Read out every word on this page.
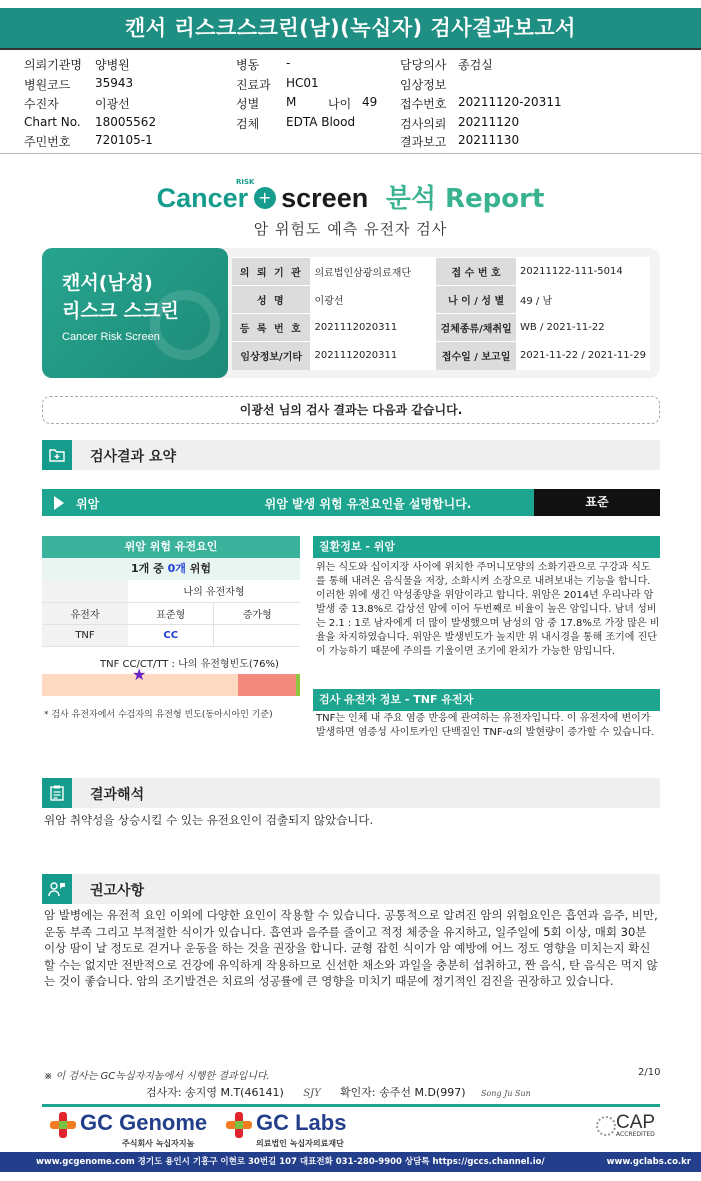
캔서 리스크스크린(남)(녹십자) 검사결과보고서
의뢰기관명 양병원
병원코드 35943
수진자	이광선
Chart No. 18005562
주민번호 720105-1
병동 -
진료과 HC01
성별 M	나이 49
검체 EDTA Blood
담당의사 종검실
임상정보
접수번호 20211120-20311
검사의뢰 20211120
결과보고 20211130
Cancer + screen 분석 Report
RISK
암 위험도 예측 유전자 검사
캔서(남성)
리스크 스크린
Cancer Risk Screen
의 뢰 기 관	의료법인삼광의료재단	접 수 번 호	20211122-111-5014
성 명	이광선	나 이 / 성 별	49 / 남
등 록 번 호	2021112020311	검체종류/채취일	WB / 2021-11-22
임상정보/기타	2021112020311	접수일 / 보고일	2021-11-22 / 2021-11-29
이광선 님의 검사 결과는 다음과 같습니다.
검사결과 요약
위암	위암 발생 위험 유전요인을 설명합니다.	표준
위암 위험 유전요인
1개 중 0개 위험
	나의 유전자형	
유전자	표준형	증가형
TNF	CC	
TNF CC/CT/TT : 나의 유전형빈도(76%)
★
* 검사 유전자에서 수검자의 유전형 빈도(동아시아인 기준)
질환정보 - 위암
위는 식도와 십이지장 사이에 위치한 주머니모양의 소화기관으로 구강과 식도를 통해 내려온 음식물을 저장, 소화시켜 소장으로 내려보내는 기능을 합니다. 이러한 위에 생긴 악성종양을 위암이라고 합니다. 위암은 2014년 우리나라 암 발생 중 13.8%로 갑상선 암에 이어 두번째로 비율이 높은 암입니다. 남녀 성비는 2.1 : 1로 남자에게 더 많이 발생했으며 남성의 암 중 17.8%로 가장 많은 비율을 차지하였습니다. 위암은 발생빈도가 높지만 위 내시경을 통해 조기에 진단이 가능하기 때문에 주의를 기울이면 조기에 완치가 가능한 암입니다.
검사 유전자 정보 - TNF 유전자
TNF는 인체 내 주요 염증 반응에 관여하는 유전자입니다. 이 유전자에 변이가 발생하면 염증성 사이토카인 단백질인 TNF-α의 발현량이 증가할 수 있습니다.
결과해석
위암 취약성을 상승시킬 수 있는 유전요인이 검출되지 않았습니다.
권고사항
암 발병에는 유전적 요인 이외에 다양한 요인이 작용할 수 있습니다. 공통적으로 알려진 암의 위험요인은 흡연과 음주, 비만, 운동 부족 그리고 부적절한 식이가 있습니다. 흡연과 음주를 줄이고 적정 체중을 유지하고, 일주일에 5회 이상, 매회 30분 이상 땀이 날 정도로 걷거나 운동을 하는 것을 권장을 합니다. 균형 잡힌 식이가 암 예방에 어느 정도 영향을 미치는지 확신할 수는 없지만 전반적으로 건강에 유익하게 작용하므로 신선한 채소와 과일을 충분히 섭취하고, 짠 음식, 탄 음식은 먹지 않는 것이 좋습니다. 암의 조기발견은 치료의 성공률에 큰 영향을 미치기 때문에 정기적인 검진을 권장하고 있습니다.
※ 이 검사는 GC녹십자지놈에서 시행한 결과입니다.	2/10
검사자: 송지영 M.T(46141) SJY 확인자: 송주선 M.D(997) Song Ju Sun
GC Genome
주식회사 녹십자지놈
GC Labs
의료법인 녹십자의료재단
CAP
ACCREDITED
www.gcgenome.com 경기도 용인시 기흥구 이현로 30번길 107 대표전화 031-280-9900 상담톡 https://gccs.channel.io/	www.gclabs.co.kr
